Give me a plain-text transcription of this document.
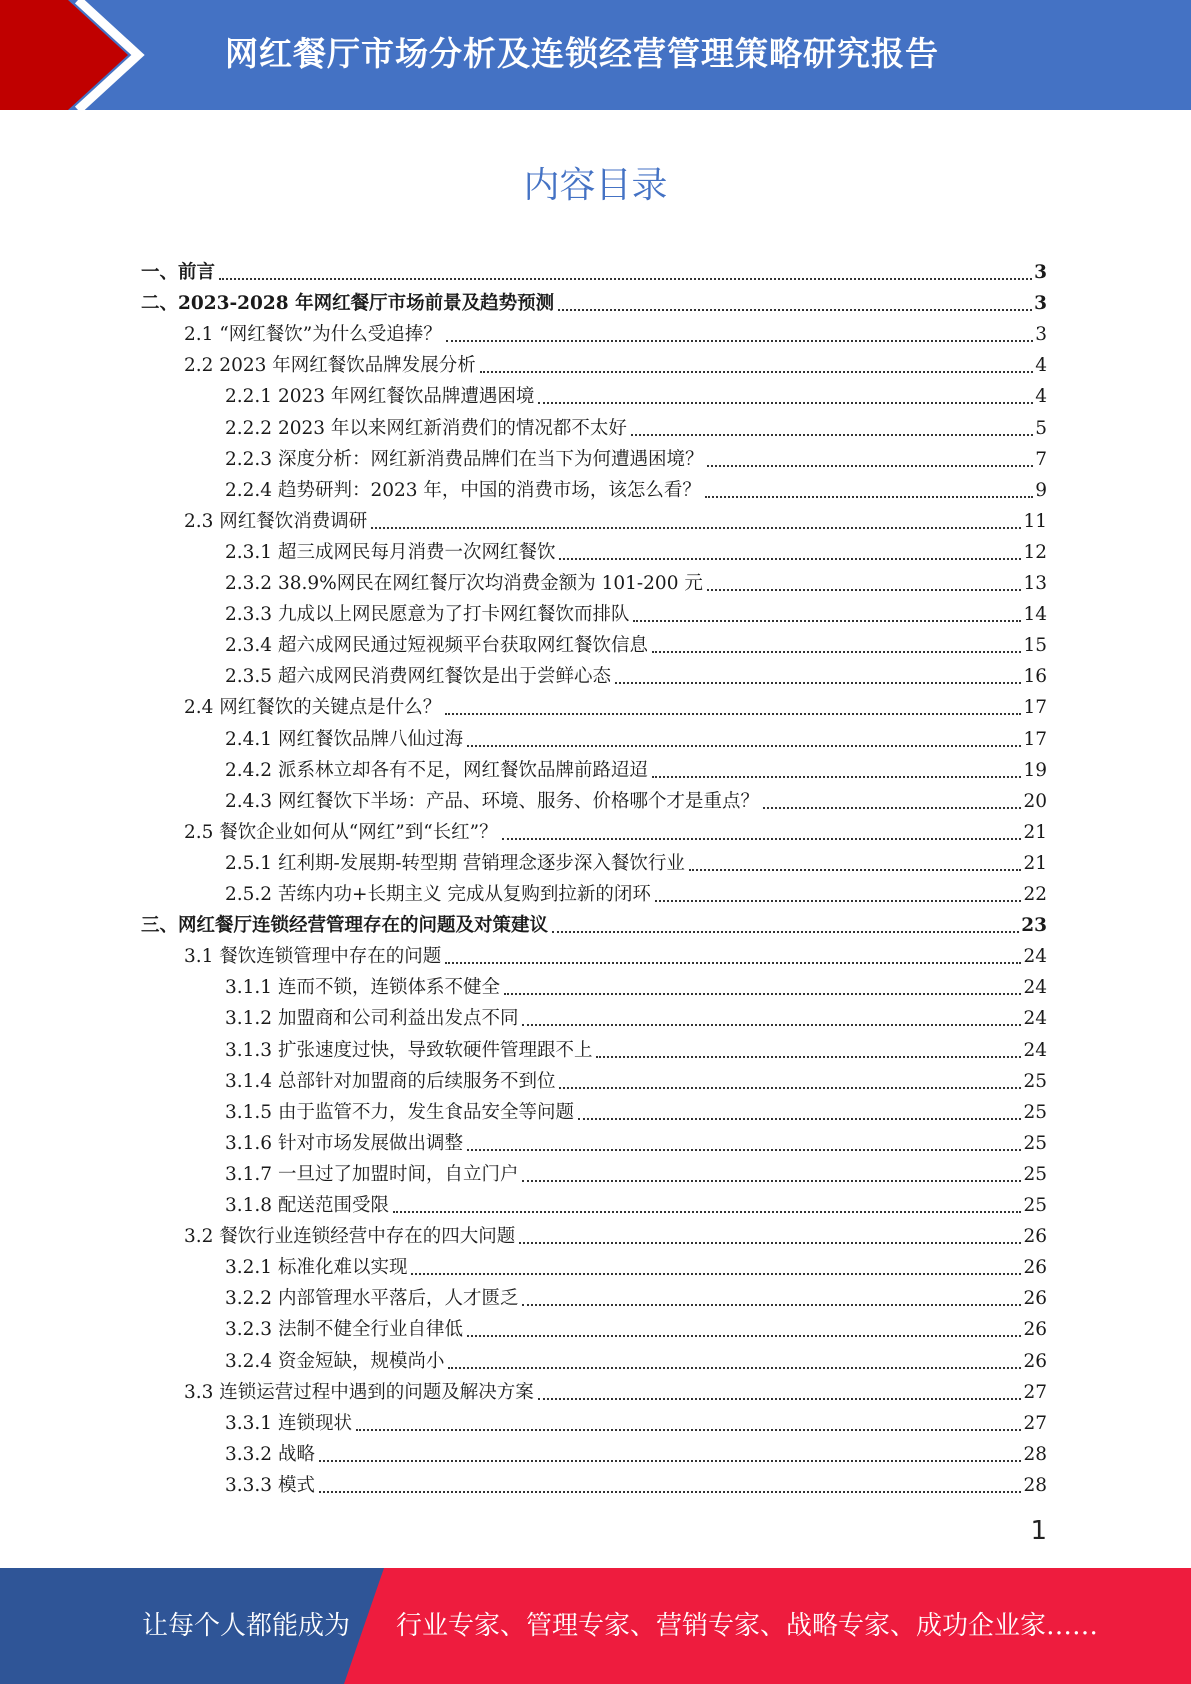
网红餐厅市场分析及连锁经营管理策略研究报告
内容目录
一、前言	3
二、2023-2028 年网红餐厅市场前景及趋势预测	3
2.1 “网红餐饮”为什么受追捧？	3
2.2 2023 年网红餐饮品牌发展分析	4
2.2.1 2023 年网红餐饮品牌遭遇困境	4
2.2.2 2023 年以来网红新消费们的情况都不太好	5
2.2.3 深度分析：网红新消费品牌们在当下为何遭遇困境？	7
2.2.4 趋势研判：2023 年，中国的消费市场，该怎么看？	9
2.3 网红餐饮消费调研	11
2.3.1 超三成网民每月消费一次网红餐饮	12
2.3.2 38.9%网民在网红餐厅次均消费金额为 101-200 元	13
2.3.3 九成以上网民愿意为了打卡网红餐饮而排队	14
2.3.4 超六成网民通过短视频平台获取网红餐饮信息	15
2.3.5 超六成网民消费网红餐饮是出于尝鲜心态	16
2.4 网红餐饮的关键点是什么？	17
2.4.1 网红餐饮品牌八仙过海	17
2.4.2 派系林立却各有不足，网红餐饮品牌前路迢迢	19
2.4.3 网红餐饮下半场：产品、环境、服务、价格哪个才是重点？	20
2.5 餐饮企业如何从“网红”到“长红”？	21
2.5.1 红利期-发展期-转型期 营销理念逐步深入餐饮行业	21
2.5.2 苦练内功+长期主义 完成从复购到拉新的闭环	22
三、网红餐厅连锁经营管理存在的问题及对策建议	23
3.1 餐饮连锁管理中存在的问题	24
3.1.1 连而不锁，连锁体系不健全	24
3.1.2 加盟商和公司利益出发点不同	24
3.1.3 扩张速度过快，导致软硬件管理跟不上	24
3.1.4 总部针对加盟商的后续服务不到位	25
3.1.5 由于监管不力，发生食品安全等问题	25
3.1.6 针对市场发展做出调整	25
3.1.7 一旦过了加盟时间，自立门户	25
3.1.8 配送范围受限	25
3.2 餐饮行业连锁经营中存在的四大问题	26
3.2.1 标准化难以实现	26
3.2.2 内部管理水平落后，人才匮乏	26
3.2.3 法制不健全行业自律低	26
3.2.4 资金短缺，规模尚小	26
3.3 连锁运营过程中遇到的问题及解决方案	27
3.3.1 连锁现状	27
3.3.2 战略	28
3.3.3 模式	28
1
让每个人都能成为 行业专家、管理专家、营销专家、战略专家、成功企业家……
